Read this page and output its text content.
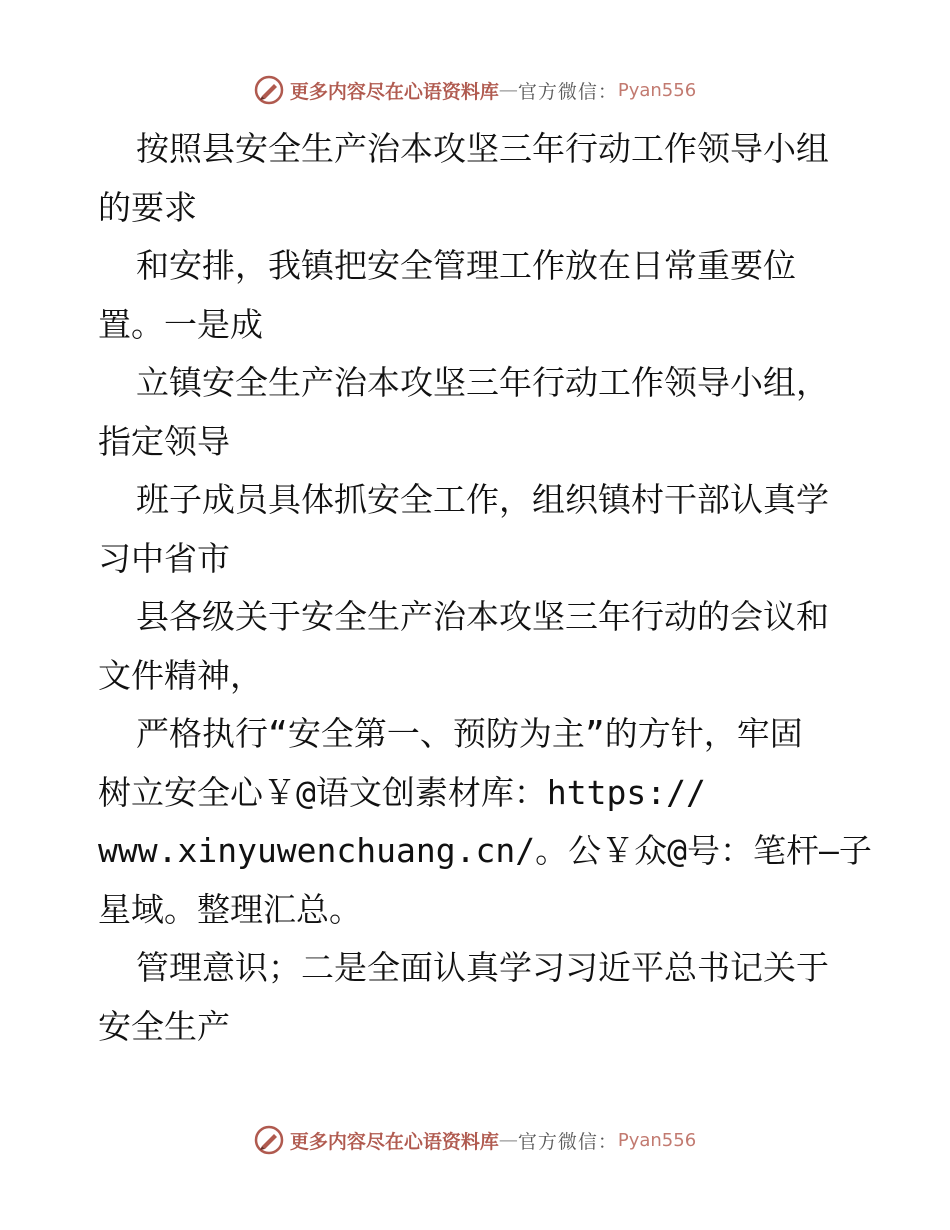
更多内容尽在心语资料库 — 官方微信： Pyan556
按照县安全生产治本攻坚三年行动工作领导小组
的要求
和安排，我镇把安全管理工作放在日常重要位
置。一是成
立镇安全生产治本攻坚三年行动工作领导小组，
指定领导
班子成员具体抓安全工作，组织镇村干部认真学
习中省市
县各级关于安全生产治本攻坚三年行动的会议和
文件精神，
严格执行“安全第一、预防为主”的方针，牢固
树立安全心￥@语文创素材库：https://
www.xinyuwenchuang.cn/。公￥众@号：笔杆—子
星域。整理汇总。
管理意识；二是全面认真学习习近平总书记关于
安全生产
更多内容尽在心语资料库 — 官方微信： Pyan556
